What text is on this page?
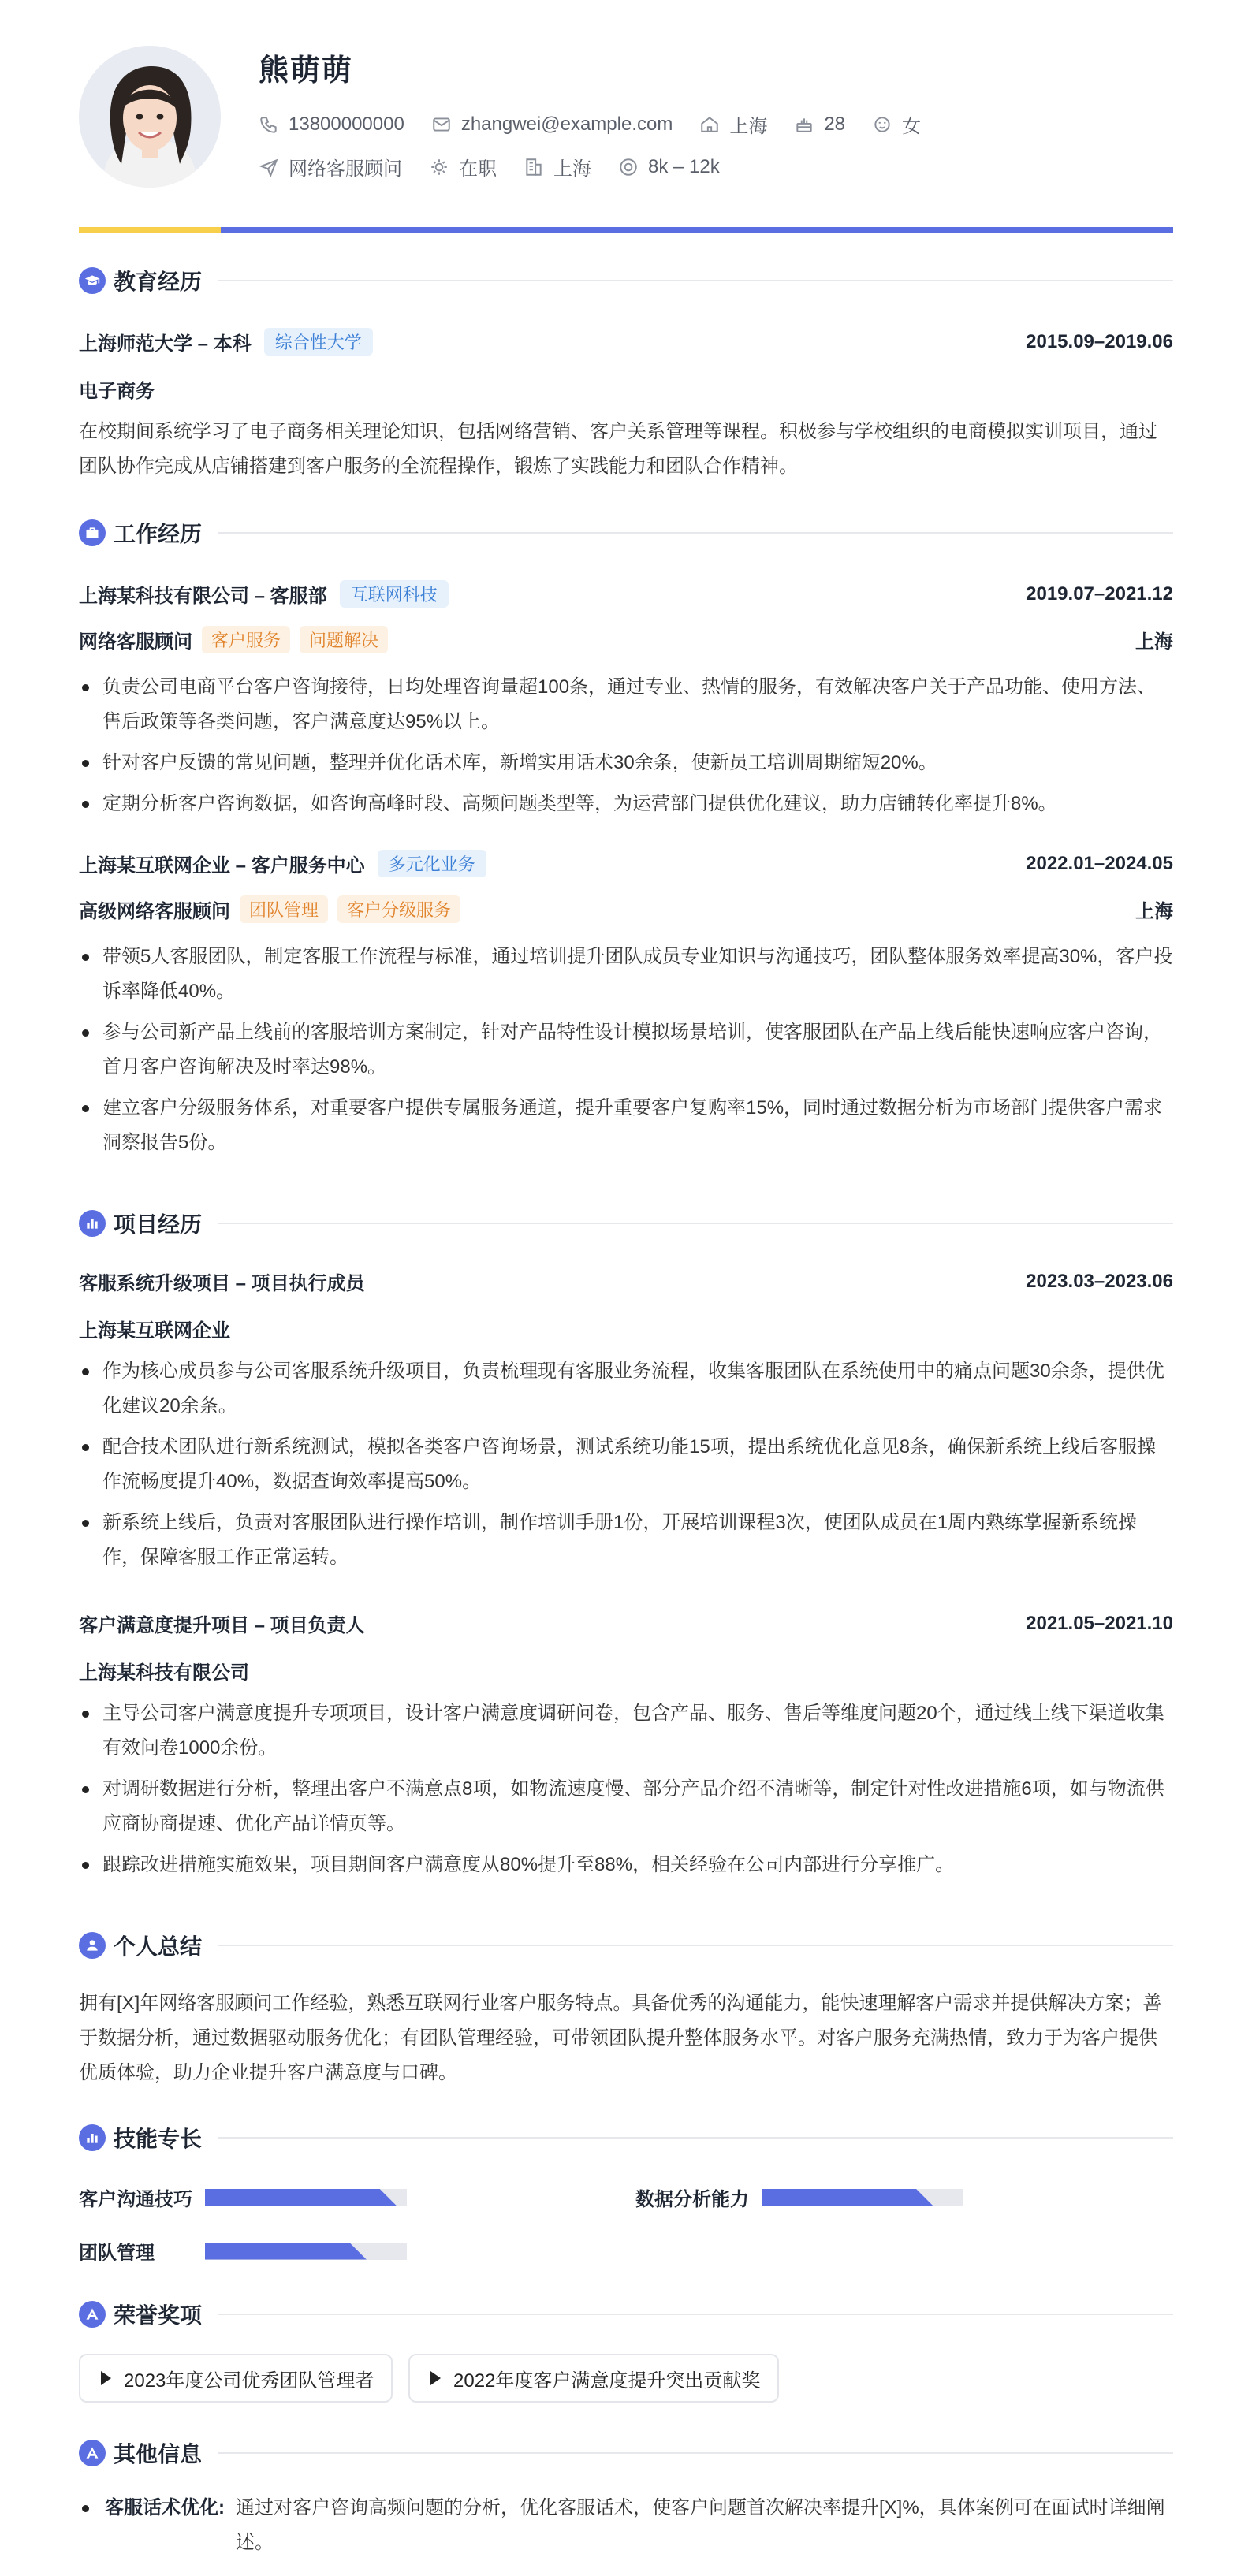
熊萌萌
13800000000	zhangwei@example.com	上海	28	女
网络客服顾问	在职	上海	8k – 12k
教育经历
上海师范大学 – 本科	综合性大学	2015.09–2019.06
电子商务
在校期间系统学习了电子商务相关理论知识，包括网络营销、客户关系管理等课程。积极参与学校组织的电商模拟实训项目，通过团队协作完成从店铺搭建到客户服务的全流程操作，锻炼了实践能力和团队合作精神。
工作经历
上海某科技有限公司 – 客服部	互联网科技	2019.07–2021.12
网络客服顾问	客户服务	问题解决	上海
负责公司电商平台客户咨询接待，日均处理咨询量超100条，通过专业、热情的服务，有效解决客户关于产品功能、使用方法、售后政策等各类问题，客户满意度达95%以上。
针对客户反馈的常见问题，整理并优化话术库，新增实用话术30余条，使新员工培训周期缩短20%。
定期分析客户咨询数据，如咨询高峰时段、高频问题类型等，为运营部门提供优化建议，助力店铺转化率提升8%。
上海某互联网企业 – 客户服务中心	多元化业务	2022.01–2024.05
高级网络客服顾问	团队管理	客户分级服务	上海
带领5人客服团队，制定客服工作流程与标准，通过培训提升团队成员专业知识与沟通技巧，团队整体服务效率提高30%，客户投诉率降低40%。
参与公司新产品上线前的客服培训方案制定，针对产品特性设计模拟场景培训，使客服团队在产品上线后能快速响应客户咨询，首月客户咨询解决及时率达98%。
建立客户分级服务体系，对重要客户提供专属服务通道，提升重要客户复购率15%，同时通过数据分析为市场部门提供客户需求洞察报告5份。
项目经历
客服系统升级项目 – 项目执行成员	2023.03–2023.06
上海某互联网企业
作为核心成员参与公司客服系统升级项目，负责梳理现有客服业务流程，收集客服团队在系统使用中的痛点问题30余条，提供优化建议20余条。
配合技术团队进行新系统测试，模拟各类客户咨询场景，测试系统功能15项，提出系统优化意见8条，确保新系统上线后客服操作流畅度提升40%，数据查询效率提高50%。
新系统上线后，负责对客服团队进行操作培训，制作培训手册1份，开展培训课程3次，使团队成员在1周内熟练掌握新系统操作，保障客服工作正常运转。
客户满意度提升项目 – 项目负责人	2021.05–2021.10
上海某科技有限公司
主导公司客户满意度提升专项项目，设计客户满意度调研问卷，包含产品、服务、售后等维度问题20个，通过线上线下渠道收集有效问卷1000余份。
对调研数据进行分析，整理出客户不满意点8项，如物流速度慢、部分产品介绍不清晰等，制定针对性改进措施6项，如与物流供应商协商提速、优化产品详情页等。
跟踪改进措施实施效果，项目期间客户满意度从80%提升至88%，相关经验在公司内部进行分享推广。
个人总结
拥有[X]年网络客服顾问工作经验，熟悉互联网行业客户服务特点。具备优秀的沟通能力，能快速理解客户需求并提供解决方案；善于数据分析，通过数据驱动服务优化；有团队管理经验，可带领团队提升整体服务水平。对客户服务充满热情，致力于为客户提供优质体验，助力企业提升客户满意度与口碑。
技能专长
客户沟通技巧	数据分析能力
团队管理
荣誉奖项
2023年度公司优秀团队管理者	2022年度客户满意度提升突出贡献奖
其他信息
客服话术优化: 通过对客户咨询高频问题的分析，优化客服话术，使客户问题首次解决率提升[X]%，具体案例可在面试时详细阐述。
